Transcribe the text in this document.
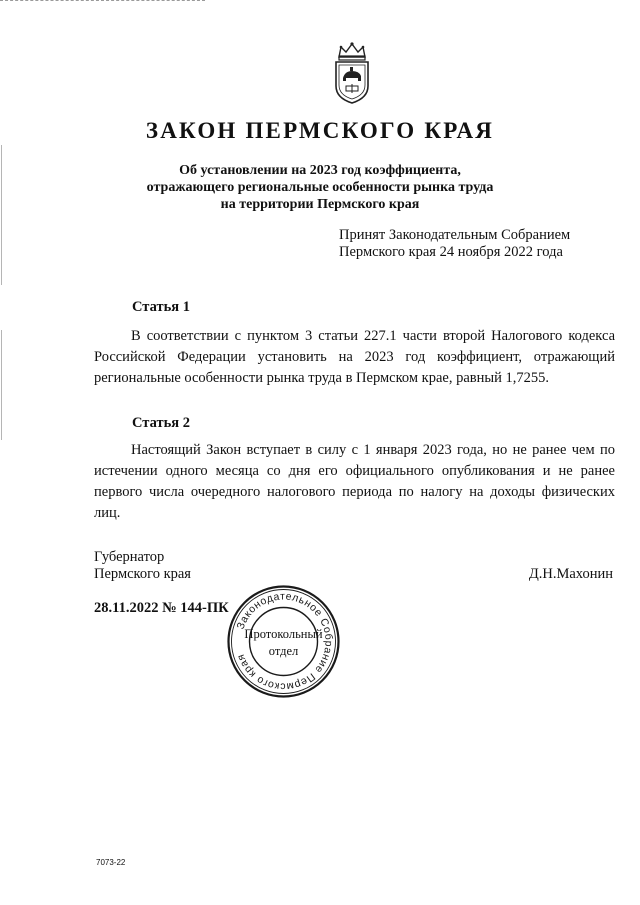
ЗАКОН ПЕРМСКОГО КРАЯ
Об установлении на 2023 год коэффициента,
отражающего региональные особенности рынка труда
на территории Пермского края
Принят Законодательным Собранием
Пермского края 24 ноября 2022 года
Статья 1

В соответствии с пунктом 3 статьи 227.1 части второй Налогового кодекса Российской Федерации установить на 2023 год коэффициент, отражающий региональные особенности рынка труда в Пермском крае, равный 1,7255.

Статья 2

Настоящий Закон вступает в силу с 1 января 2023 года, но не ранее чем по истечении одного месяца со дня его официального опубликования и не ранее первого числа очередного налогового периода по налогу на доходы физических лиц.

Губернатор
Пермского края	Д.Н.Махонин
28.11.2022 № 144-ПК
Законодательное Собрание Пермского края
Протокольный
отдел
7073-22
